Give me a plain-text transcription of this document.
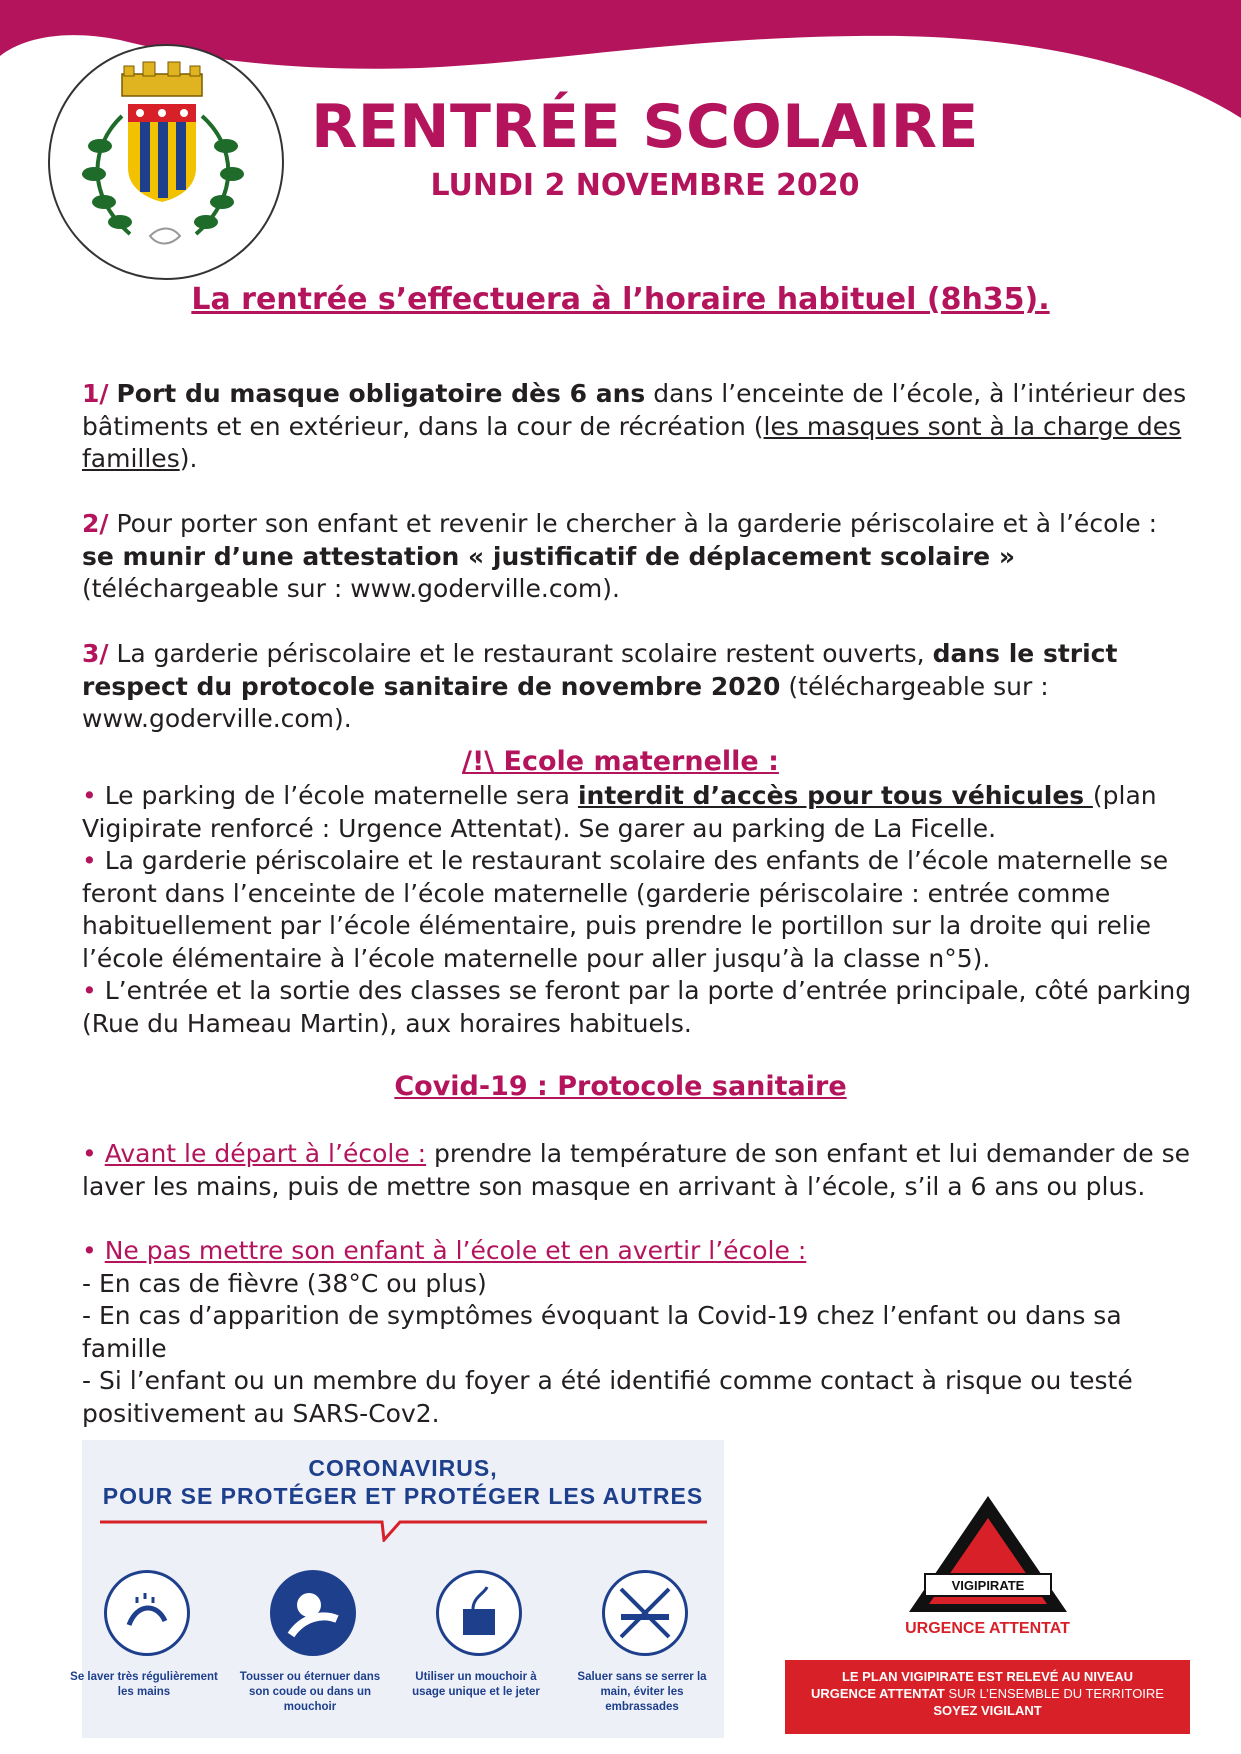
RENTRÉE SCOLAIRE
LUNDI 2 NOVEMBRE 2020
La rentrée s’effectuera à l’horaire habituel (8h35).

1/ Port du masque obligatoire dès 6 ans dans l’enceinte de l’école, à l’intérieur des bâtiments et en extérieur, dans la cour de récréation (les masques sont à la charge des familles).

2/ Pour porter son enfant et revenir le chercher à la garderie périscolaire et à l’école : se munir d’une attestation « justificatif de déplacement scolaire » (téléchargeable sur : www.goderville.com).

3/ La garderie périscolaire et le restaurant scolaire restent ouverts, dans le strict respect du protocole sanitaire de novembre 2020 (téléchargeable sur : www.goderville.com).

/!\ Ecole maternelle :

• Le parking de l’école maternelle sera interdit d’accès pour tous véhicules (plan Vigipirate renforcé : Urgence Attentat). Se garer au parking de La Ficelle.

• La garderie périscolaire et le restaurant scolaire des enfants de l’école maternelle se feront dans l’enceinte de l’école maternelle (garderie périscolaire : entrée comme habituellement par l’école élémentaire, puis prendre le portillon sur la droite qui relie l’école élémentaire à l’école maternelle pour aller jusqu’à la classe n°5).

• L’entrée et la sortie des classes se feront par la porte d’entrée principale, côté parking (Rue du Hameau Martin), aux horaires habituels.

Covid-19 : Protocole sanitaire

• Avant le départ à l’école : prendre la température de son enfant et lui demander de se laver les mains, puis de mettre son masque en arrivant à l’école, s’il a 6 ans ou plus.

• Ne pas mettre son enfant à l’école et en avertir l’école :

- En cas de fièvre (38°C ou plus)

- En cas d’apparition de symptômes évoquant la Covid-19 chez l’enfant ou dans sa famille

- Si l’enfant ou un membre du foyer a été identifié comme contact à risque ou testé positivement au SARS-Cov2.

CORONAVIRUS,
POUR SE PROTÉGER ET PROTÉGER LES AUTRES
Se laver très régulièrement les mains
Tousser ou éternuer dans son coude ou dans un mouchoir
Utiliser un mouchoir à usage unique et le jeter
Saluer sans se serrer la main, éviter les embrassades
VIGIPIRATE
URGENCE ATTENTAT
LE PLAN VIGIPIRATE EST RELEVÉ AU NIVEAU
URGENCE ATTENTAT SUR L’ENSEMBLE DU TERRITOIRE
SOYEZ VIGILANT
